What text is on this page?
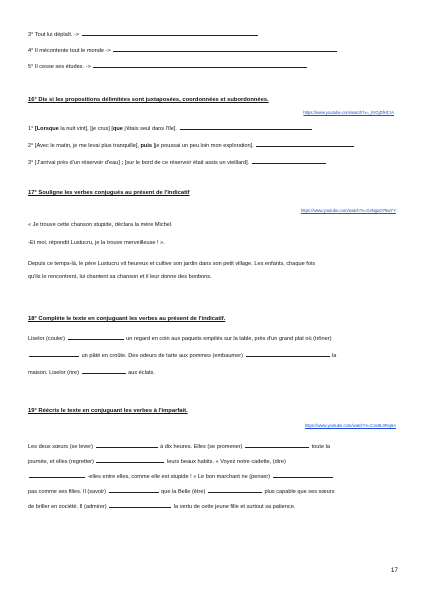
3° Tout lui déplaît. ->
4° Il mécontente tout le monde ->
5° Il cesse ses études. ->
16° Dis si les propositions délimitées sont juxtaposées, coordonnées et subordonnées.
https://www.youtube.com/watch?v=_ErGjDfHCrA
1° [Lorsque la nuit vint], [je crus] [que j'étais seul dans l'île].
2° [Avec le matin, je me levai plus tranquille], puis [je poussai un peu loin mon exploration].
3° [J'arrivai près d'un réservoir d'eau] ; [sur le bord de ce réservoir était assis un vieillard].
17° Souligne les verbes conjugués au présent de l'indicatif
https://www.youtube.com/watch?v=GvNgaO75wYY
« Je trouve cette chanson stupide, déclara la mère Michel.
-Et moi, répondit Lustucru, je la trouve merveilleuse ! ».
Depuis ce temps-là, le père Lustucru vit heureux et cultive son jardin dans son petit village. Les enfants, chaque fois
qu'ils le rencontrent, lui chantent sa chanson et il leur donne des bonbons.
18° Complète le texte en conjuguant les verbes au présent de l'indicatif.
Liselor (couler)	un regard en coin aux paquets empilés sur la table, près d'un grand plat où (trôner)
un pâté en croûte. Des odeurs de tarte aux pommes (embaumer)	la
maison. Liselor (rire)	aux éclats.
19° Réécris le texte en conjuguant les verbes à l'imparfait.
https://www.youtube.com/watch?v=CJe9L0Rxj6A
Les deux sœurs (se lever)	à dix heures. Elles (se promener)	toute la
journée, et elles (regretter)	leurs beaux habits. « Voyez notre cadette, (dire)
-elles entre elles, comme elle est stupide ! » Le bon marchant ne (penser)
pas comme ses filles. Il (savoir)	que la Belle (être)	plus capable que ses sœurs
de briller en société. Il (admirer)	la vertu de cette jeune fille et surtout sa patience.
17
